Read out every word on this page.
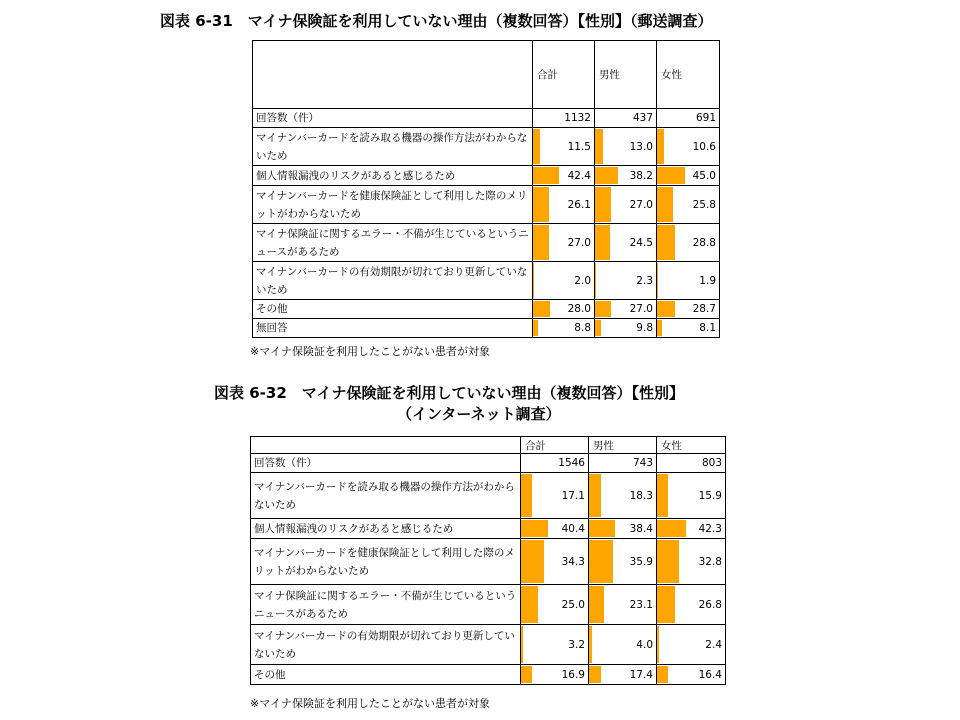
図表 6-31　マイナ保険証を利用していない理由（複数回答）【性別】（郵送調査）
	合計	男性	女性
回答数（件）	1132	437	691

マイナンバーカードを読み取る機器の操作方法がわからないため	11.5	13.0	10.6

個人情報漏洩のリスクがあると感じるため	42.4	38.2	45.0

マイナンバーカードを健康保険証として利用した際のメリットがわからないため	26.1	27.0	25.8

マイナ保険証に関するエラー・不備が生じているというニュースがあるため	27.0	24.5	28.8

マイナンバーカードの有効期限が切れており更新していないため	2.0	2.3	1.9

その他	28.0	27.0	28.7

無回答	8.8	9.8	8.1
※マイナ保険証を利用したことがない患者が対象
図表 6-32　マイナ保険証を利用していない理由（複数回答）【性別】
（インターネット調査）
	合計	男性	女性
回答数（件）	1546	743	803

マイナンバーカードを読み取る機器の操作方法がわからないため	17.1	18.3	15.9

個人情報漏洩のリスクがあると感じるため	40.4	38.4	42.3

マイナンバーカードを健康保険証として利用した際のメリットがわからないため	34.3	35.9	32.8

マイナ保険証に関するエラー・不備が生じているというニュースがあるため	25.0	23.1	26.8

マイナンバーカードの有効期限が切れており更新していないため	3.2	4.0	2.4

その他	16.9	17.4	16.4
※マイナ保険証を利用したことがない患者が対象
